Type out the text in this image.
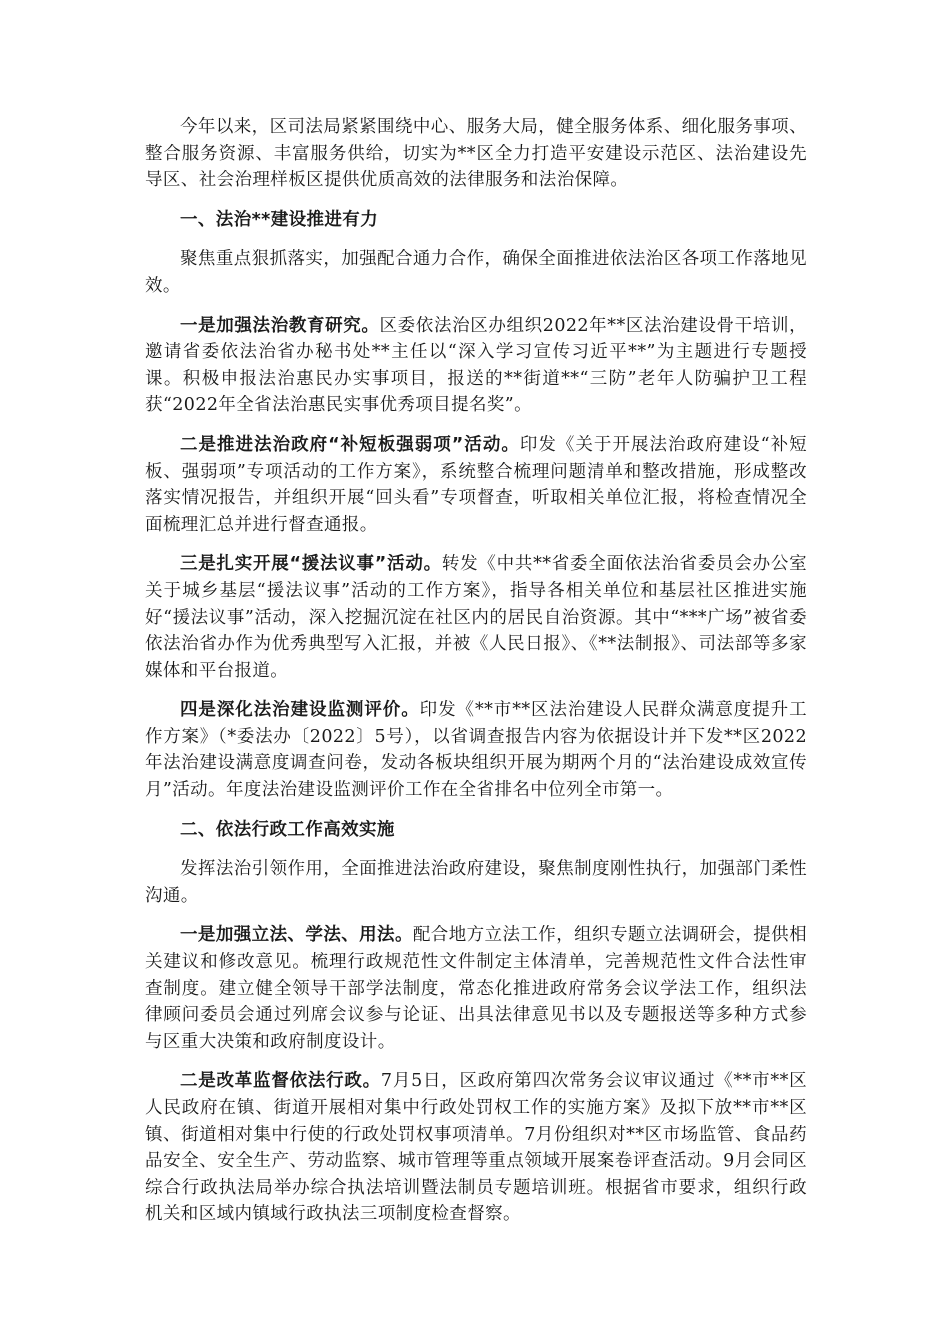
今年以来，区司法局紧紧围绕中心、服务大局，健全服务体系、细化服务事项、整合服务资源、丰富服务供给，切实为**区全力打造平安建设示范区、法治建设先导区、社会治理样板区提供优质高效的法律服务和法治保障。

一、法治**建设推进有力

聚焦重点狠抓落实，加强配合通力合作，确保全面推进依法治区各项工作落地见效。

一是加强法治教育研究。区委依法治区办组织2022年**区法治建设骨干培训，邀请省委依法治省办秘书处**主任以“深入学习宣传习近平**”为主题进行专题授课。积极申报法治惠民办实事项目，报送的**街道**“三防”老年人防骗护卫工程获“2022年全省法治惠民实事优秀项目提名奖”。

二是推进法治政府“补短板强弱项”活动。印发《关于开展法治政府建设“补短板、强弱项”专项活动的工作方案》，系统整合梳理问题清单和整改措施，形成整改落实情况报告，并组织开展“回头看”专项督查，听取相关单位汇报，将检查情况全面梳理汇总并进行督查通报。

三是扎实开展“援法议事”活动。转发《中共**省委全面依法治省委员会办公室关于城乡基层“援法议事”活动的工作方案》，指导各相关单位和基层社区推进实施好“援法议事”活动，深入挖掘沉淀在社区内的居民自治资源。其中“***广场”被省委依法治省办作为优秀典型写入汇报，并被《人民日报》、《**法制报》、司法部等多家媒体和平台报道。

四是深化法治建设监测评价。印发《**市**区法治建设人民群众满意度提升工作方案》（*委法办〔2022〕5号），以省调查报告内容为依据设计并下发**区2022年法治建设满意度调查问卷，发动各板块组织开展为期两个月的“法治建设成效宣传月”活动。年度法治建设监测评价工作在全省排名中位列全市第一。

二、依法行政工作高效实施

发挥法治引领作用，全面推进法治政府建设，聚焦制度刚性执行，加强部门柔性沟通。

一是加强立法、学法、用法。配合地方立法工作，组织专题立法调研会，提供相关建议和修改意见。梳理行政规范性文件制定主体清单，完善规范性文件合法性审查制度。建立健全领导干部学法制度，常态化推进政府常务会议学法工作，组织法律顾问委员会通过列席会议参与论证、出具法律意见书以及专题报送等多种方式参与区重大决策和政府制度设计。

二是改革监督依法行政。7月5日，区政府第四次常务会议审议通过《**市**区人民政府在镇、街道开展相对集中行政处罚权工作的实施方案》及拟下放**市**区镇、街道相对集中行使的行政处罚权事项清单。7月份组织对**区市场监管、食品药品安全、安全生产、劳动监察、城市管理等重点领域开展案卷评查活动。9月会同区综合行政执法局举办综合执法培训暨法制员专题培训班。根据省市要求，组织行政机关和区域内镇域行政执法三项制度检查督察。
